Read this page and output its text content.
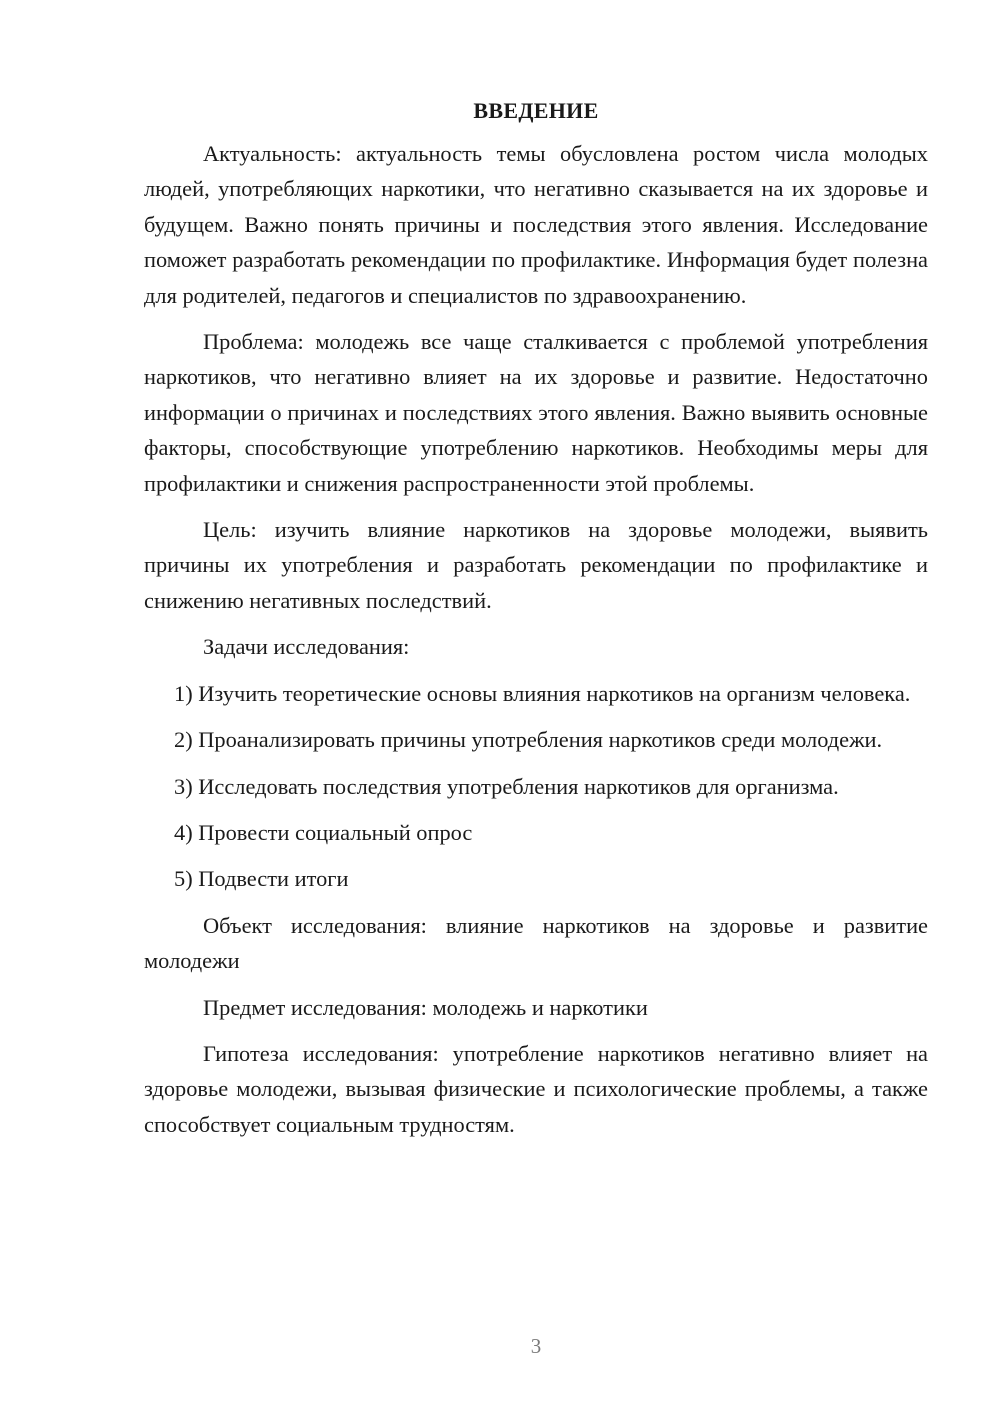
ВВЕДЕНИЕ

Актуальность: актуальность темы обусловлена ростом числа молодых людей, употребляющих наркотики, что негативно сказывается на их здоровье и будущем. Важно понять причины и последствия этого явления. Исследование поможет разработать рекомендации по профилактике. Информация будет полезна для родителей, педагогов и специалистов по здравоохранению.

Проблема: молодежь все чаще сталкивается с проблемой употребления наркотиков, что негативно влияет на их здоровье и развитие. Недостаточно информации о причинах и последствиях этого явления. Важно выявить основные факторы, способствующие употреблению наркотиков. Необходимы меры для профилактики и снижения распространенности этой проблемы.

Цель: изучить влияние наркотиков на здоровье молодежи, выявить причины их употребления и разработать рекомендации по профилактике и снижению негативных последствий.

Задачи исследования:

1) Изучить теоретические основы влияния наркотиков на организм человека.

2) Проанализировать причины употребления наркотиков среди молодежи.

3) Исследовать последствия употребления наркотиков для организма.

4) Провести социальный опрос

5) Подвести итоги

Объект исследования: влияние наркотиков на здоровье и развитие молодежи

Предмет исследования: молодежь и наркотики

Гипотеза исследования: употребление наркотиков негативно влияет на здоровье молодежи, вызывая физические и психологические проблемы, а также способствует социальным трудностям.

3
